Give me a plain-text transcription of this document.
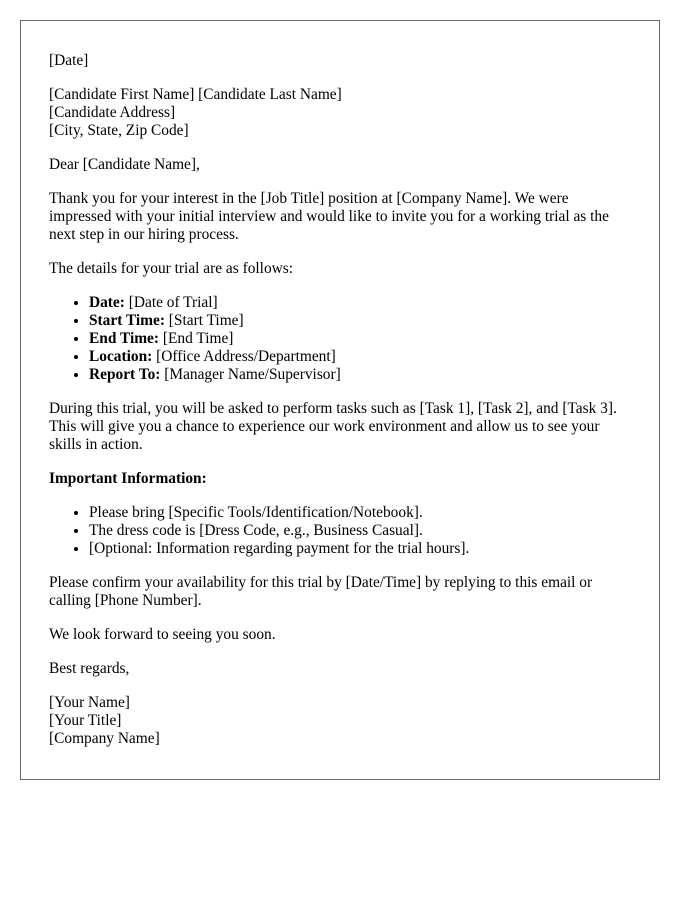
[Date]

[Candidate First Name] [Candidate Last Name]
[Candidate Address]
[City, State, Zip Code]

Dear [Candidate Name],

Thank you for your interest in the [Job Title] position at [Company Name]. We were impressed with your initial interview and would like to invite you for a working trial as the next step in our hiring process.

The details for your trial are as follows:

• Date: [Date of Trial]
• Start Time: [Start Time]
• End Time: [End Time]
• Location: [Office Address/Department]
• Report To: [Manager Name/Supervisor]

During this trial, you will be asked to perform tasks such as [Task 1], [Task 2], and [Task 3]. This will give you a chance to experience our work environment and allow us to see your skills in action.

Important Information:

• Please bring [Specific Tools/Identification/Notebook].
• The dress code is [Dress Code, e.g., Business Casual].
• [Optional: Information regarding payment for the trial hours].

Please confirm your availability for this trial by [Date/Time] by replying to this email or calling [Phone Number].

We look forward to seeing you soon.

Best regards,

[Your Name]
[Your Title]
[Company Name]
